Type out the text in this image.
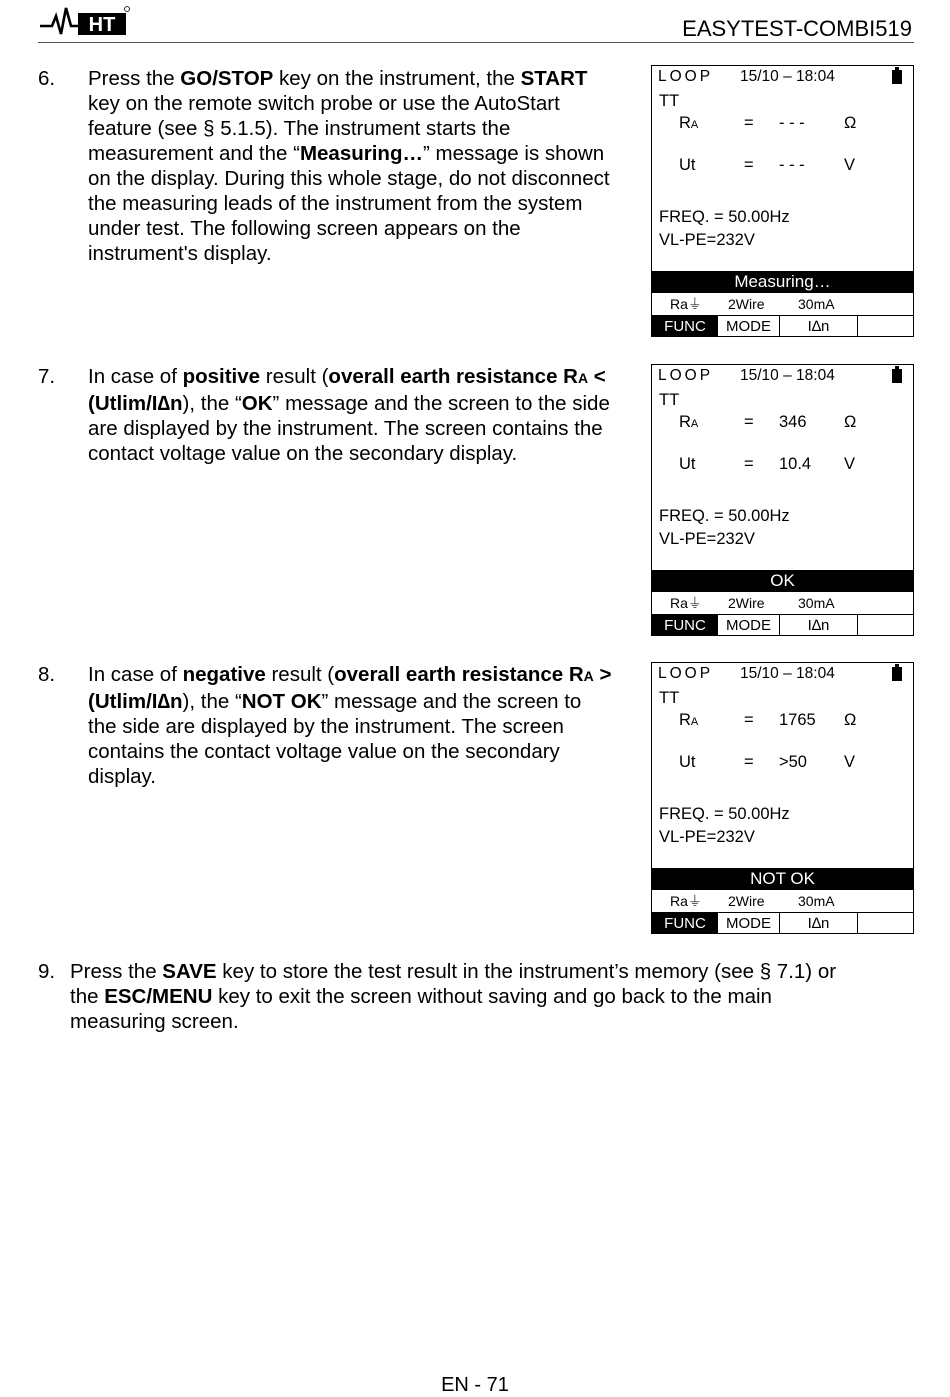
HT	EASYTEST-COMBI519
6. Press the GO/STOP key on the instrument, the START

key on the remote switch probe or use the AutoStart

feature (see § 5.1.5). The instrument starts the

measurement and the “Measuring…” message is shown

on the display. During this whole stage, do not disconnect

the measuring leads of the instrument from the system

under test. The following screen appears on the

instrument's display.

7. In case of positive result (overall earth resistance RA <

(Utlim/I∆n), the “OK” message and the screen to the side

are displayed by the instrument. The screen contains the

contact voltage value on the secondary display.

8. In case of negative result (overall earth resistance RA >

(Utlim/I∆n), the “NOT OK” message and the screen to

the side are displayed by the instrument. The screen

contains the contact voltage value on the secondary

display.

LOOP 15/10 – 18:04
TT
RA	= - - - Ω
Ut	= - - - V
FREQ. = 50.00Hz
VL-PE=232V
Measuring…
Ra⏚ 2Wire 30mA
FUNC	MODE	I∆n
LOOP 15/10 – 18:04
TT
RA	= 346 Ω
Ut	= 10.4 V
FREQ. = 50.00Hz
VL-PE=232V
OK
Ra⏚ 2Wire 30mA
FUNC	MODE	I∆n
LOOP 15/10 – 18:04
TT
RA	= 1765 Ω
Ut	= >50 V
FREQ. = 50.00Hz
VL-PE=232V
NOT OK
Ra⏚ 2Wire 30mA
FUNC	MODE	I∆n
9. Press the SAVE key to store the test result in the instrument’s memory (see § 7.1) or

the ESC/MENU key to exit the screen without saving and go back to the main

measuring screen.

EN - 71
